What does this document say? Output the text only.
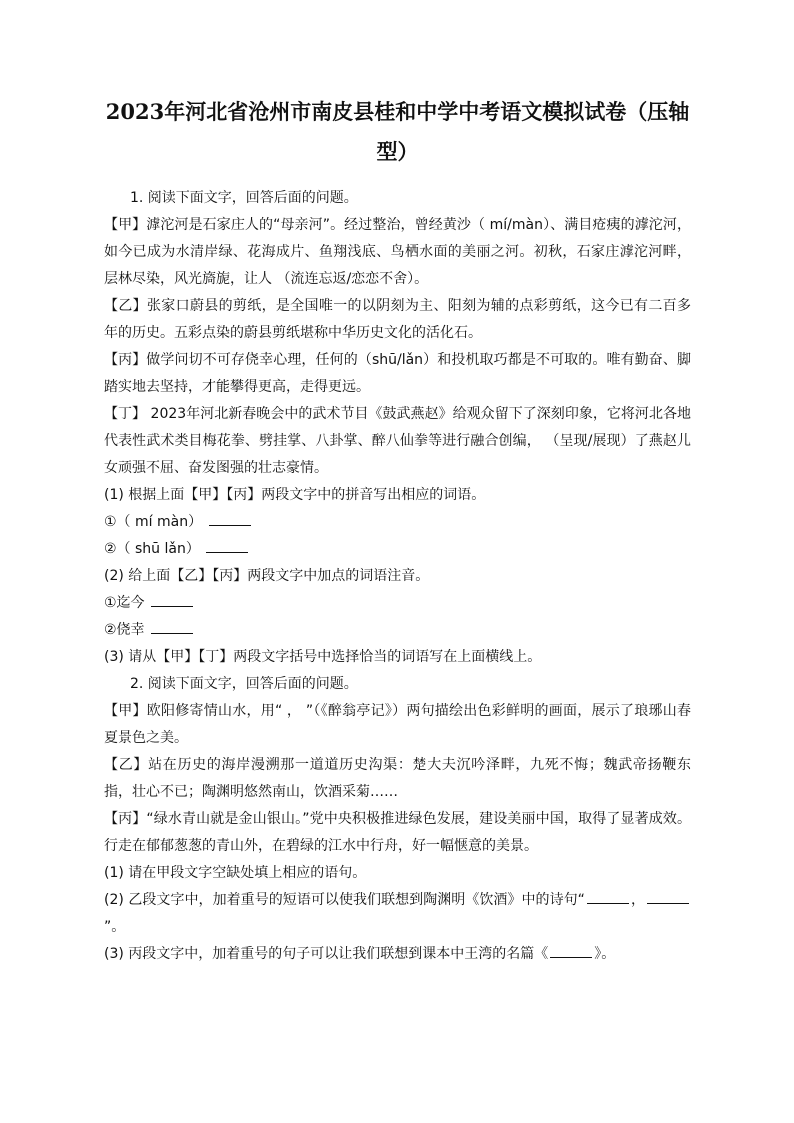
2023年河北省沧州市南皮县桂和中学中考语文模拟试卷（压轴
型）

1. 阅读下面文字，回答后面的问题。

【甲】滹沱河是石家庄人的“母亲河”。经过整治，曾经黄沙（ mí/màn）、满目疮痍的滹沱河，如今已成为水清岸绿、花海成片、鱼翔浅底、鸟栖水面的美丽之河。初秋，石家庄滹沱河畔，层林尽染，风光旖旎，让人 （流连忘返/恋恋不舍）。

【乙】张家口蔚县的剪纸，是全国唯一的以阴刻为主、阳刻为辅的点彩剪纸，这今已有二百多年的历史。五彩点染的蔚县剪纸堪称中华历史文化的活化石。

【丙】做学问切不可存侥幸心理，任何的（shū/lǎn）和投机取巧都是不可取的。唯有勤奋、脚踏实地去坚持，才能攀得更高，走得更远。

【丁】 2023年河北新春晚会中的武术节目《鼓武燕赵》给观众留下了深刻印象，它将河北各地代表性武术类目梅花拳、劈挂掌、八卦掌、醉八仙拳等进行融合创编， （呈现/展现）了燕赵儿女顽强不屈、奋发图强的壮志豪情。

(1) 根据上面【甲】【丙】两段文字中的拼音写出相应的词语。

①（ mí màn）

②（ shū lǎn）

(2) 给上面【乙】【丙】两段文字中加点的词语注音。

①迄今

②侥幸

(3) 请从【甲】【丁】两段文字括号中选择恰当的词语写在上面横线上。

2. 阅读下面文字，回答后面的问题。

【甲】欧阳修寄情山水，用“ ， ”（《醉翁亭记》）两句描绘出色彩鲜明的画面，展示了琅琊山春夏景色之美。

【乙】站在历史的海岸漫溯那一道道历史沟渠：楚大夫沉吟泽畔，九死不悔；魏武帝扬鞭东指，壮心不已；陶渊明悠然南山，饮酒采菊……

【丙】“绿水青山就是金山银山。”党中央积极推进绿色发展，建设美丽中国，取得了显著成效。行走在郁郁葱葱的青山外，在碧绿的江水中行舟，好一幅惬意的美景。

(1) 请在甲段文字空缺处填上相应的语句。

(2) 乙段文字中，加着重号的短语可以使我们联想到陶渊明《饮酒》中的诗句“	，”。

(3) 丙段文字中，加着重号的句子可以让我们联想到课本中王湾的名篇《	》。
